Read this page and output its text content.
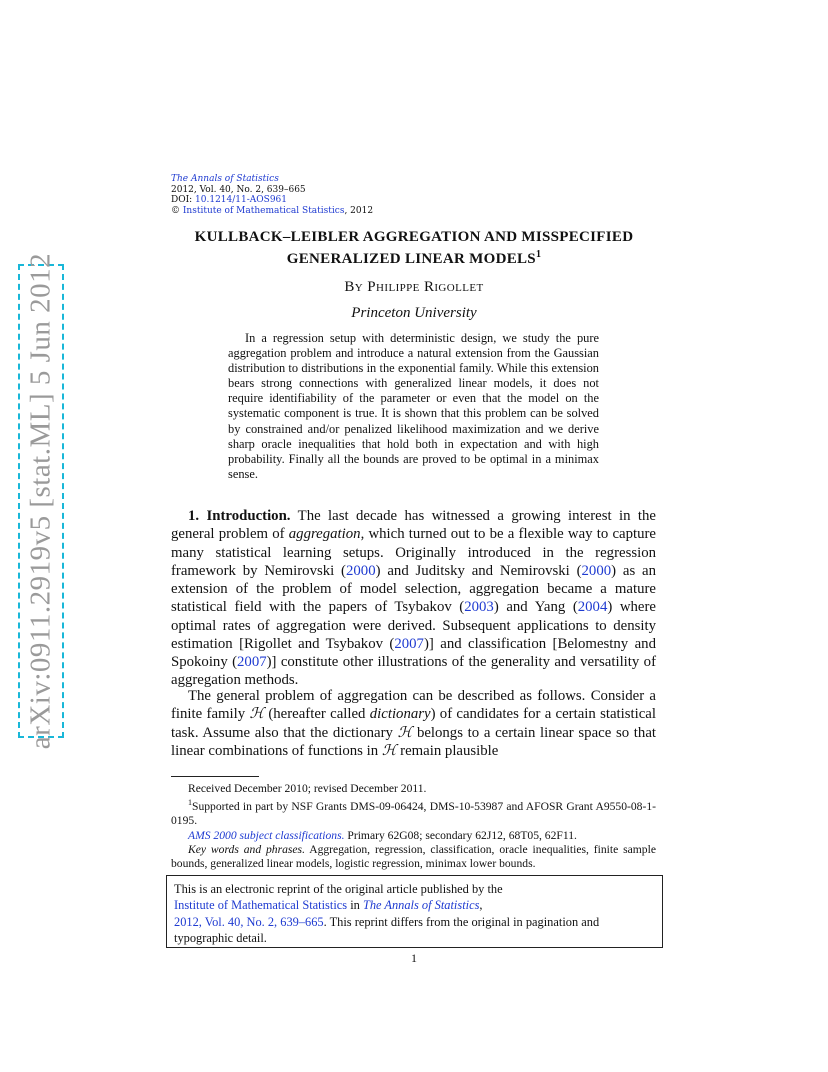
arXiv:0911.2919v5 [stat.ML] 5 Jun 2012
The Annals of Statistics
2012, Vol. 40, No. 2, 639–665
DOI: 10.1214/11-AOS961
© Institute of Mathematical Statistics, 2012
KULLBACK–LEIBLER AGGREGATION AND MISSPECIFIED
GENERALIZED LINEAR MODELS$^1$
By Philippe Rigollet
Princeton University
In a regression setup with deterministic design, we study the pure aggregation problem and introduce a natural extension from the Gaussian distribution to distributions in the exponential family. While this extension bears strong connections with generalized linear models, it does not require identifiability of the parameter or even that the model on the systematic component is true. It is shown that this problem can be solved by constrained and/or penalized likelihood maximization and we derive sharp oracle inequalities that hold both in expectation and with high probability. Finally all the bounds are proved to be optimal in a minimax sense.

1. Introduction. The last decade has witnessed a growing interest in the general problem of aggregation, which turned out to be a flexible way to capture many statistical learning setups. Originally introduced in the regression framework by Nemirovski (2000) and Juditsky and Nemirovski (2000) as an extension of the problem of model selection, aggregation became a mature statistical field with the papers of Tsybakov (2003) and Yang (2004) where optimal rates of aggregation were derived. Subsequent applications to density estimation [Rigollet and Tsybakov (2007)] and classification [Belomestny and Spokoiny (2007)] constitute other illustrations of the generality and versatility of aggregation methods.

The general problem of aggregation can be described as follows. Consider a finite family ℋ (hereafter called dictionary) of candidates for a certain statistical task. Assume also that the dictionary ℋ belongs to a certain linear space so that linear combinations of functions in ℋ remain plausible

Received December 2010; revised December 2011.

$^1$Supported in part by NSF Grants DMS-09-06424, DMS-10-53987 and AFOSR Grant A9550-08-1-0195.

AMS 2000 subject classifications. Primary 62G08; secondary 62J12, 68T05, 62F11.

Key words and phrases. Aggregation, regression, classification, oracle inequalities, finite sample bounds, generalized linear models, logistic regression, minimax lower bounds.

This is an electronic reprint of the original article published by the
Institute of Mathematical Statistics in The Annals of Statistics,
2012, Vol. 40, No. 2, 639–665. This reprint differs from the original in pagination and typographic detail.
1
